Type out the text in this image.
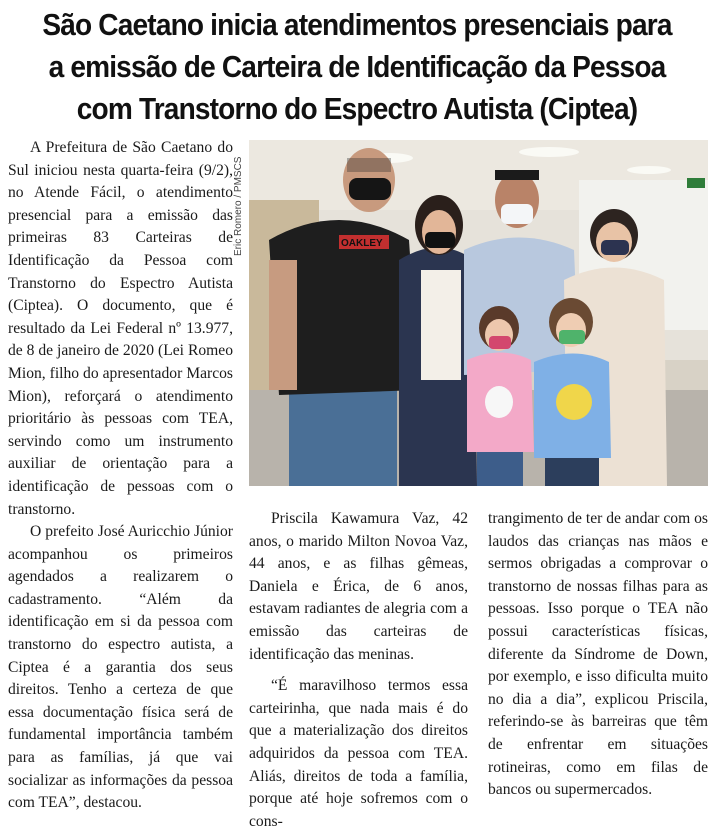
São Caetano inicia atendimentos presenciais para a emissão de Carteira de Identificação da Pessoa com Transtorno do Espectro Autista (Ciptea)

A Prefeitura de São Caetano do Sul iniciou nesta quarta-feira (9/2), no Atende Fácil, o atendimento presencial para a emissão das primeiras 83 Carteiras de Identificação da Pessoa com Transtorno do Espectro Autista (Ciptea). O documento, que é resultado da Lei Federal nº 13.977, de 8 de janeiro de 2020 (Lei Romeo Mion, filho do apresentador Marcos Mion), reforçará o atendimento prioritário às pessoas com TEA, servindo como um instrumento auxiliar de orientação para a identificação de pessoas com o transtorno.

O prefeito José Auricchio Júnior acompanhou os primeiros agendados a realizarem o cadastramento. “Além da identificação em si da pessoa com transtorno do espectro autista, a Ciptea é a garantia dos seus direitos. Tenho a certeza de que essa documentação física será de fundamental importância também para as famílias, já que vai socializar as informações da pessoa com TEA”, destacou.

Eric Romero / PMSCS	OAKLEY

Priscila Kawamura Vaz, 42 anos, o marido Milton Novoa Vaz, 44 anos, e as filhas gêmeas, Daniela e Érica, de 6 anos, estavam radiantes de alegria com a emissão das carteiras de identificação das meninas.

“É maravilhoso termos essa carteirinha, que nada mais é do que a materialização dos direitos adquiridos da pessoa com TEA. Aliás, direitos de toda a família, porque até hoje sofremos com o cons-

trangimento de ter de andar com os laudos das crianças nas mãos e sermos obrigadas a comprovar o transtorno de nossas filhas para as pessoas. Isso porque o TEA não possui características físicas, diferente da Síndrome de Down, por exemplo, e isso dificulta muito no dia a dia”, explicou Priscila, referindo-se às barreiras que têm de enfrentar em situações rotineiras, como em filas de bancos ou supermercados.
